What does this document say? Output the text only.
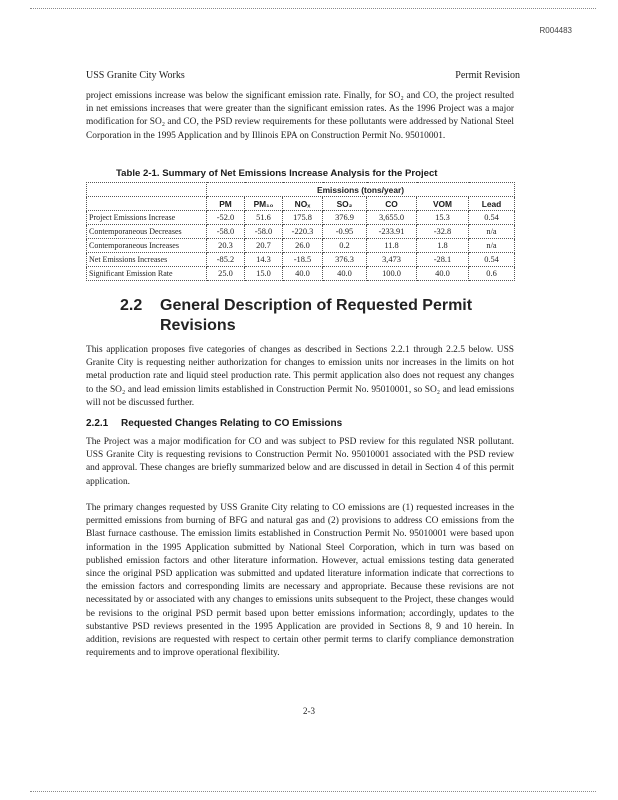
R004483
USS Granite City Works	Permit Revision
project emissions increase was below the significant emission rate. Finally, for SO₂ and CO, the project resulted in net emissions increases that were greater than the significant emission rates. As the 1996 Project was a major modification for SO₂ and CO, the PSD review requirements for these pollutants were addressed by National Steel Corporation in the 1995 Application and by Illinois EPA on Construction Permit No. 95010001.
Table 2-1. Summary of Net Emissions Increase Analysis for the Project
	Emissions (tons/year)						
	PM	PM₁₀	NOₓ	SO₂	CO	VOM	Lead
Project Emissions Increase	-52.0	51.6	175.8	376.9	3,655.0	15.3	0.54
Contemporaneous Decreases	-58.0	-58.0	-220.3	-0.95	-233.91	-32.8	n/a
Contemporaneous Increases	20.3	20.7	26.0	0.2	11.8	1.8	n/a
Net Emissions Increases	-85.2	14.3	-18.5	376.3	3,473	-28.1	0.54
Significant Emission Rate	25.0	15.0	40.0	40.0	100.0	40.0	0.6
2.2	General Description of Requested Permit Revisions
This application proposes five categories of changes as described in Sections 2.2.1 through 2.2.5 below. USS Granite City is requesting neither authorization for changes to emission units nor increases in the limits on hot metal production rate and liquid steel production rate. This permit application also does not request any changes to the SO₂ and lead emission limits established in Construction Permit No. 95010001, so SO₂ and lead emissions will not be discussed further.
2.2.1 Requested Changes Relating to CO Emissions
The Project was a major modification for CO and was subject to PSD review for this regulated NSR pollutant. USS Granite City is requesting revisions to Construction Permit No. 95010001 associated with the PSD review and approval. These changes are briefly summarized below and are discussed in detail in Section 4 of this permit application.
The primary changes requested by USS Granite City relating to CO emissions are (1) requested increases in the permitted emissions from burning of BFG and natural gas and (2) provisions to address CO emissions from the Blast furnace casthouse. The emission limits established in Construction Permit No. 95010001 were based upon information in the 1995 Application submitted by National Steel Corporation, which in turn was based on published emission factors and other literature information. However, actual emissions testing data generated since the original PSD application was submitted and updated literature information indicate that corrections to the emission factors and corresponding limits are necessary and appropriate. Because these revisions are not necessitated by or associated with any changes to emissions units subsequent to the Project, these changes would be revisions to the original PSD permit based upon better emissions information; accordingly, updates to the substantive PSD reviews presented in the 1995 Application are provided in Sections 8, 9 and 10 herein. In addition, revisions are requested with respect to certain other permit terms to clarify compliance demonstration requirements and to improve operational flexibility.
2-3
